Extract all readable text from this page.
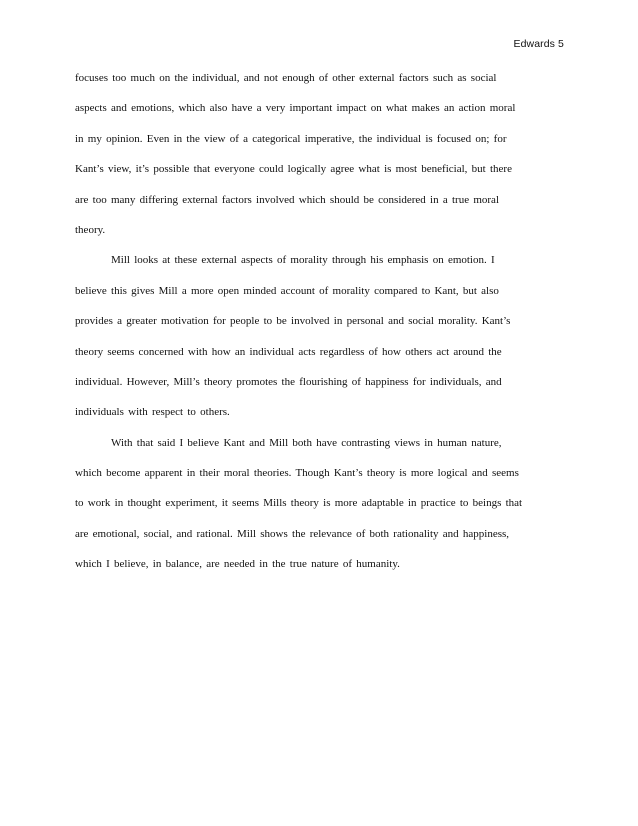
Edwards 5
focuses too much on the individual, and not enough of other external factors such as social
aspects and emotions, which also have a very important impact on what makes an action moral
in my opinion. Even in the view of a categorical imperative, the individual is focused on; for
Kant’s view, it’s possible that everyone could logically agree what is most beneficial, but there
are too many differing external factors involved which should be considered in a true moral
theory.
Mill looks at these external aspects of morality through his emphasis on emotion. I
believe this gives Mill a more open minded account of morality compared to Kant, but also
provides a greater motivation for people to be involved in personal and social morality. Kant’s
theory seems concerned with how an individual acts regardless of how others act around the
individual. However, Mill’s theory promotes the flourishing of happiness for individuals, and
individuals with respect to others.
With that said I believe Kant and Mill both have contrasting views in human nature,
which become apparent in their moral theories. Though Kant’s theory is more logical and seems
to work in thought experiment, it seems Mills theory is more adaptable in practice to beings that
are emotional, social, and rational. Mill shows the relevance of both rationality and happiness,
which I believe, in balance, are needed in the true nature of humanity.
